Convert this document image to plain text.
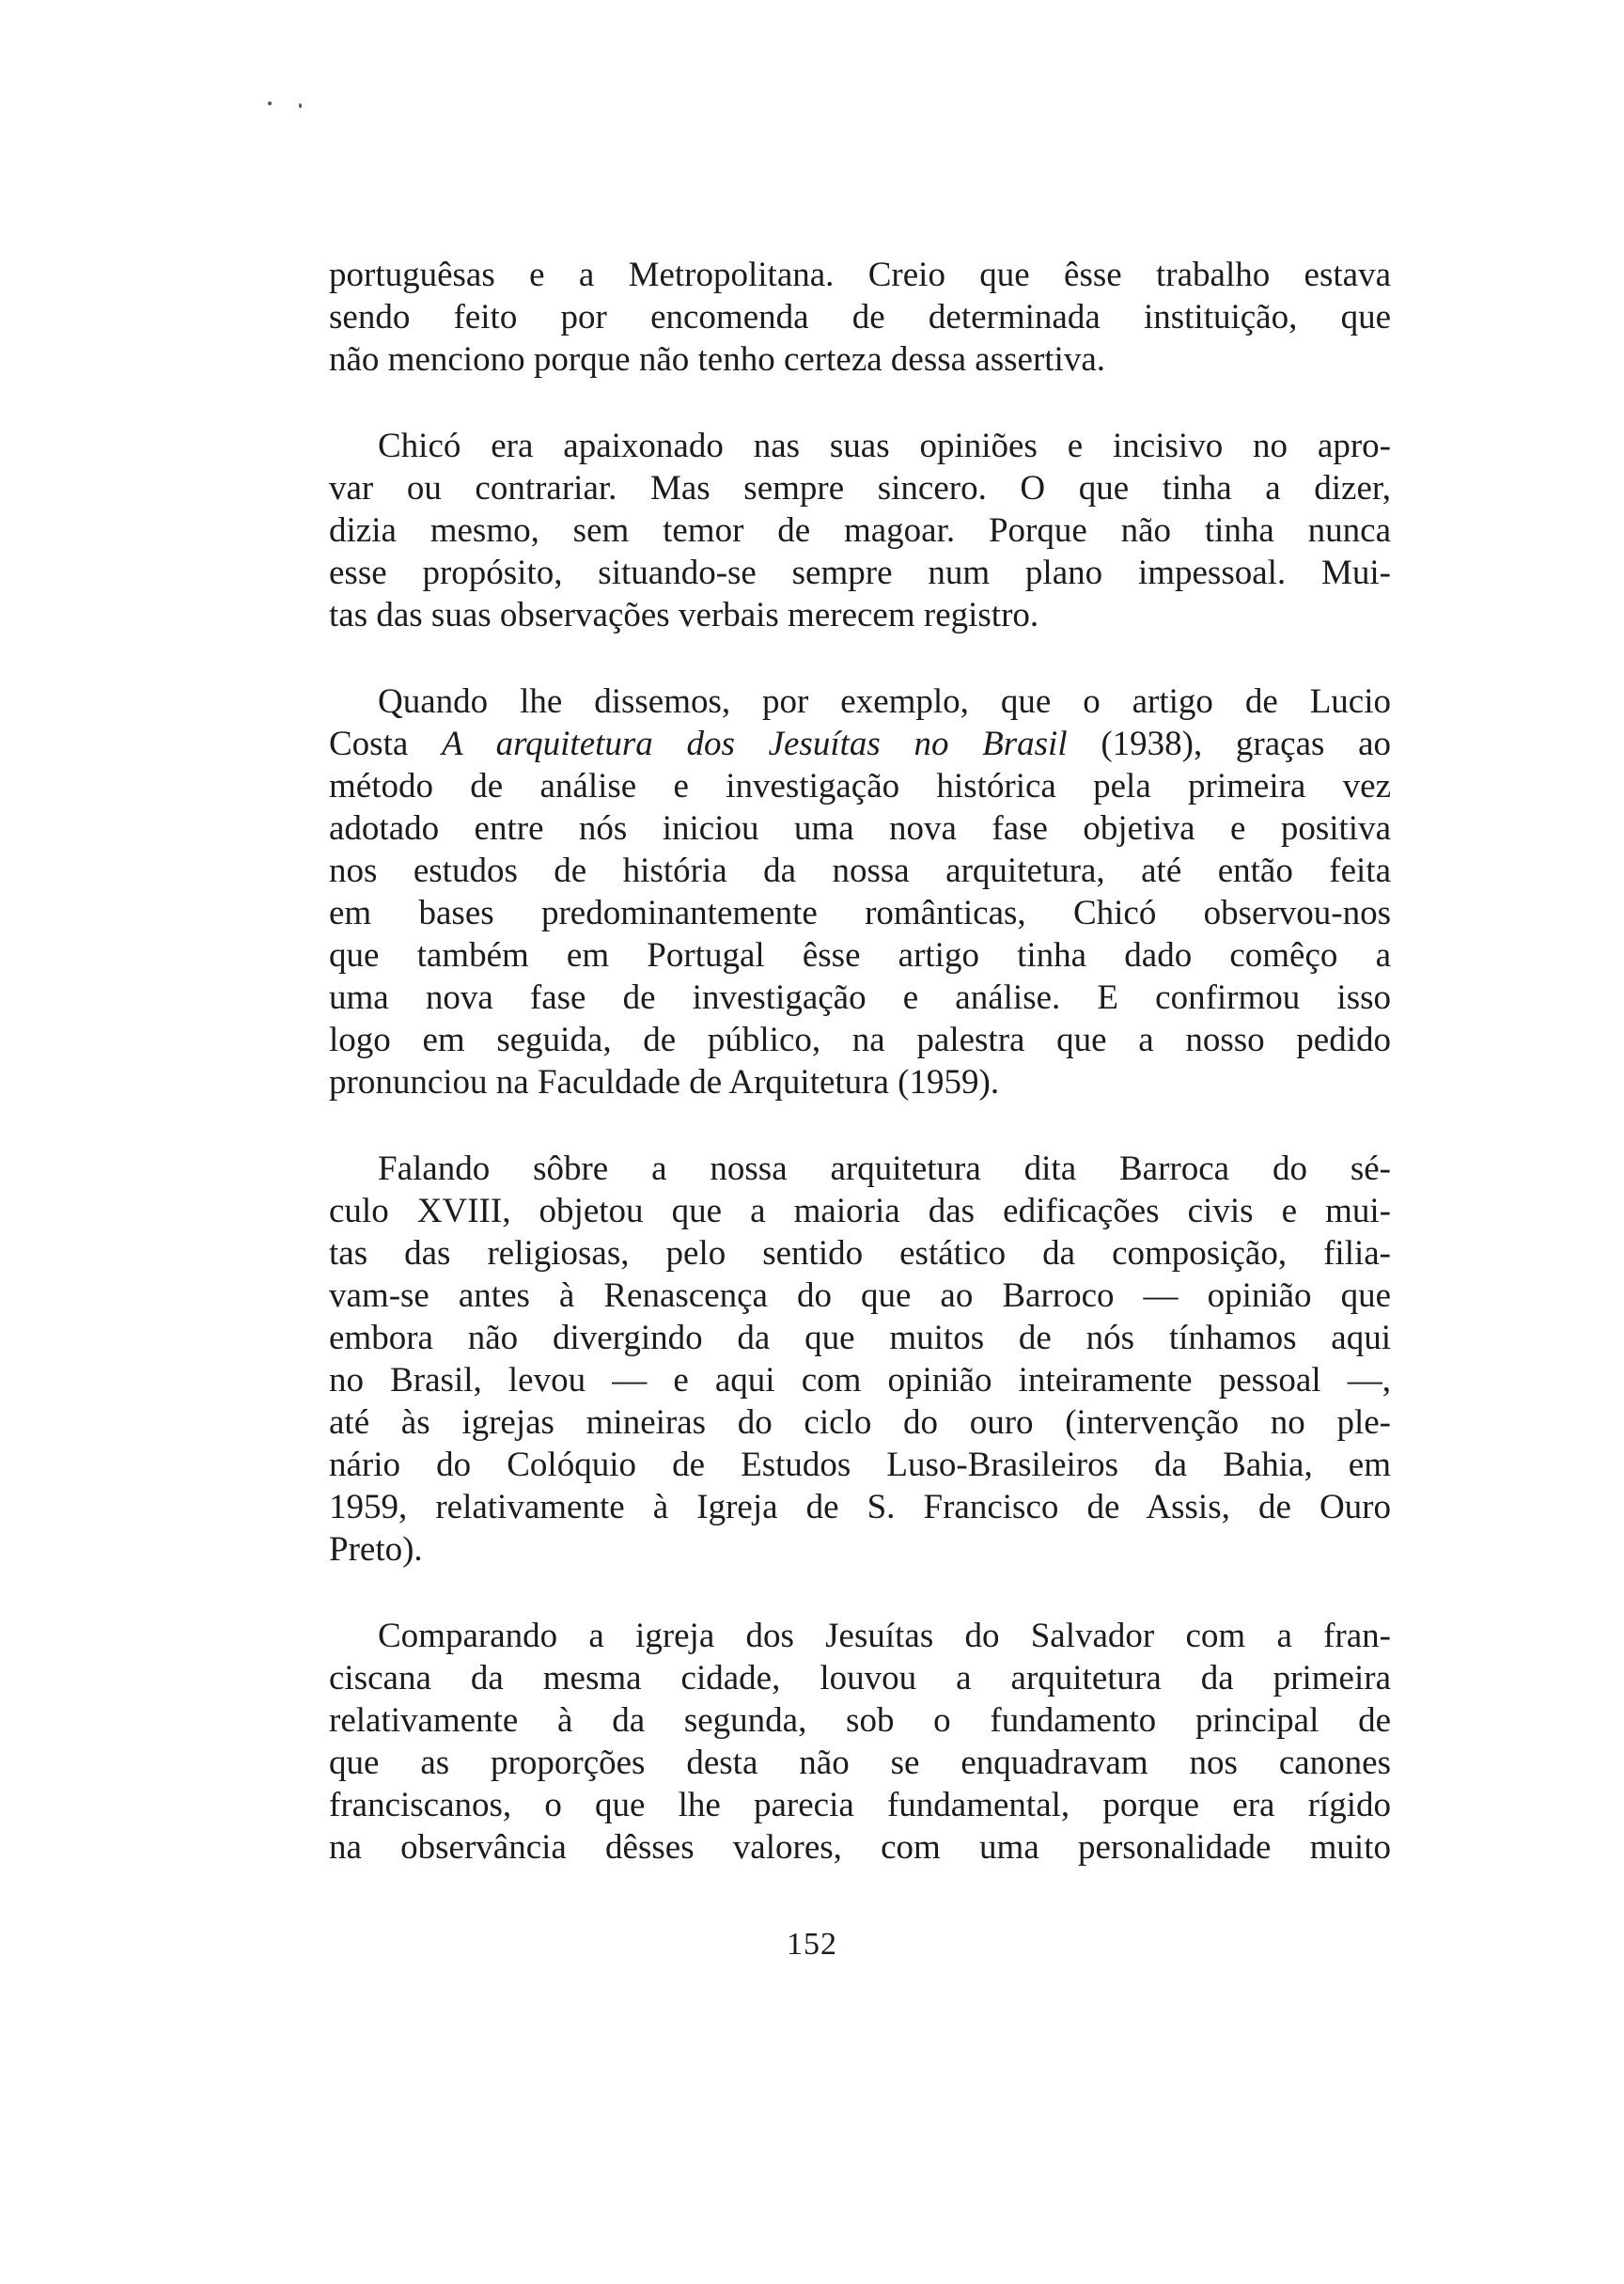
portuguêsas e a Metropolitana. Creio que êsse trabalho estava
sendo feito por encomenda de determinada instituição, que
não menciono porque não tenho certeza dessa assertiva.

Chicó era apaixonado nas suas opiniões e incisivo no apro-
var ou contrariar. Mas sempre sincero. O que tinha a dizer,
dizia mesmo, sem temor de magoar. Porque não tinha nunca
esse propósito, situando-se sempre num plano impessoal. Mui-
tas das suas observações verbais merecem registro.

Quando lhe dissemos, por exemplo, que o artigo de Lucio
Costa A arquitetura dos Jesuítas no Brasil (1938), graças ao
método de análise e investigação histórica pela primeira vez
adotado entre nós iniciou uma nova fase objetiva e positiva
nos estudos de história da nossa arquitetura, até então feita
em bases predominantemente românticas, Chicó observou-nos
que também em Portugal êsse artigo tinha dado comêço a
uma nova fase de investigação e análise. E confirmou isso
logo em seguida, de público, na palestra que a nosso pedido
pronunciou na Faculdade de Arquitetura (1959).

Falando sôbre a nossa arquitetura dita Barroca do sé-
culo XVIII, objetou que a maioria das edificações civis e mui-
tas das religiosas, pelo sentido estático da composição, filia-
vam-se antes à Renascença do que ao Barroco — opinião que
embora não divergindo da que muitos de nós tínhamos aqui
no Brasil, levou — e aqui com opinião inteiramente pessoal —,
até às igrejas mineiras do ciclo do ouro (intervenção no ple-
nário do Colóquio de Estudos Luso-Brasileiros da Bahia, em
1959, relativamente à Igreja de S. Francisco de Assis, de Ouro
Preto).

Comparando a igreja dos Jesuítas do Salvador com a fran-
ciscana da mesma cidade, louvou a arquitetura da primeira
relativamente à da segunda, sob o fundamento principal de
que as proporções desta não se enquadravam nos canones
franciscanos, o que lhe parecia fundamental, porque era rígido
na observância dêsses valores, com uma personalidade muito

152
